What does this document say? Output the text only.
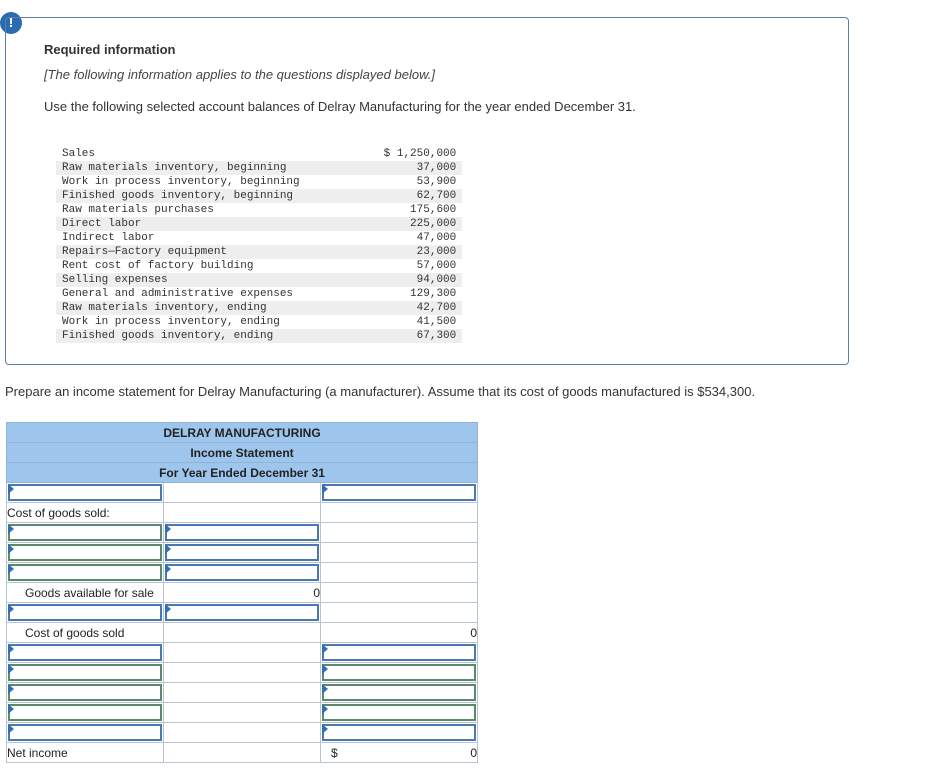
!
Required information
[The following information applies to the questions displayed below.]
Use the following selected account balances of Delray Manufacturing for the year ended December 31.
Sales	$ 1,250,000
Raw materials inventory, beginning	37,000
Work in process inventory, beginning	53,900
Finished goods inventory, beginning	62,700
Raw materials purchases	175,600
Direct labor	225,000
Indirect labor	47,000
Repairs—Factory equipment	23,000
Rent cost of factory building	57,000
Selling expenses	94,000
General and administrative expenses	129,300
Raw materials inventory, ending	42,700
Work in process inventory, ending	41,500
Finished goods inventory, ending	67,300
Prepare an income statement for Delray Manufacturing (a manufacturer). Assume that its cost of goods manufactured is $534,300.
DELRAY MANUFACTURING		
Income Statement		
For Year Ended December 31		

Cost of goods sold:		

Goods available for sale	0	

Cost of goods sold		0

Net income		$ 0
